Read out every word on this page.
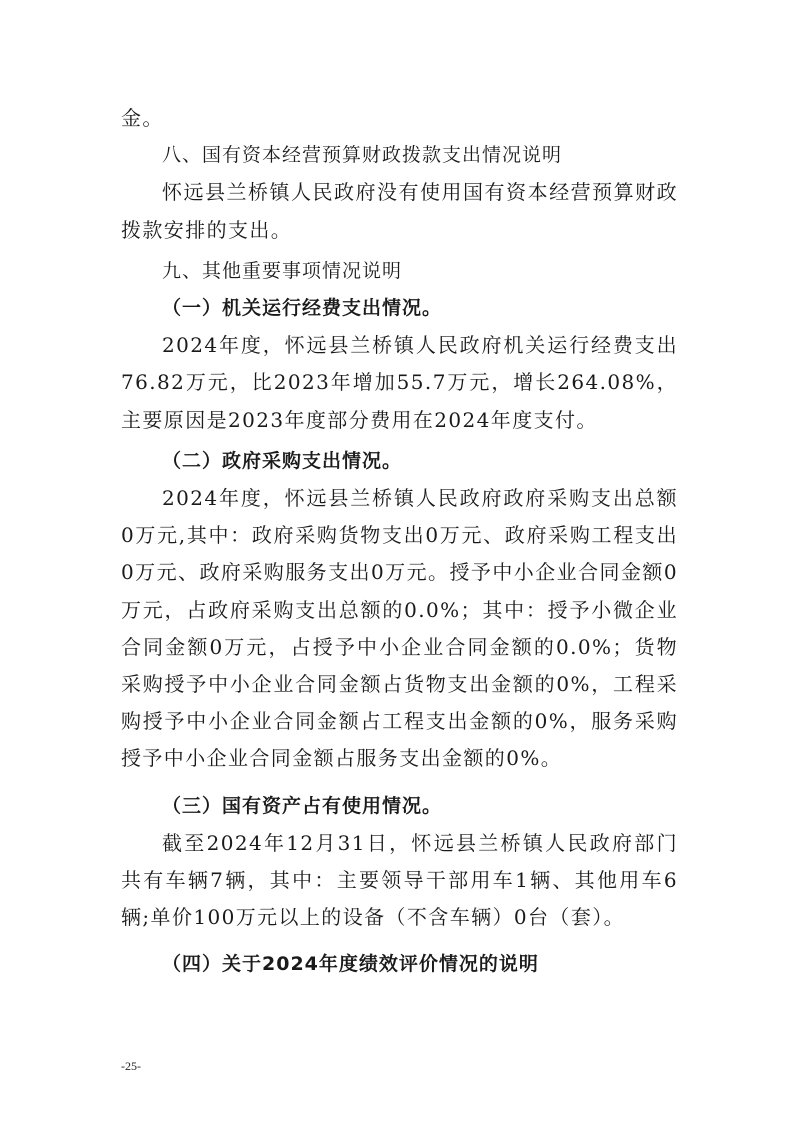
金。

八、国有资本经营预算财政拨款支出情况说明

怀远县兰桥镇人民政府没有使用国有资本经营预算财政拨款安排的支出。

九、其他重要事项情况说明

（一）机关运行经费支出情况。

2024年度，怀远县兰桥镇人民政府机关运行经费支出76.82万元，比2023年增加55.7万元，增长264.08%，主要原因是2023年度部分费用在2024年度支付。

（二）政府采购支出情况。

2024年度，怀远县兰桥镇人民政府政府采购支出总额0万元,其中：政府采购货物支出0万元、政府采购工程支出0万元、政府采购服务支出0万元。授予中小企业合同金额0万元，占政府采购支出总额的0.0%；其中：授予小微企业合同金额0万元，占授予中小企业合同金额的0.0%；货物采购授予中小企业合同金额占货物支出金额的0%，工程采购授予中小企业合同金额占工程支出金额的0%，服务采购授予中小企业合同金额占服务支出金额的0%。

（三）国有资产占有使用情况。

截至2024年12月31日，怀远县兰桥镇人民政府部门共有车辆7辆，其中：主要领导干部用车1辆、其他用车6辆;单价100万元以上的设备（不含车辆）0台（套）。

（四）关于2024年度绩效评价情况的说明

-25-
